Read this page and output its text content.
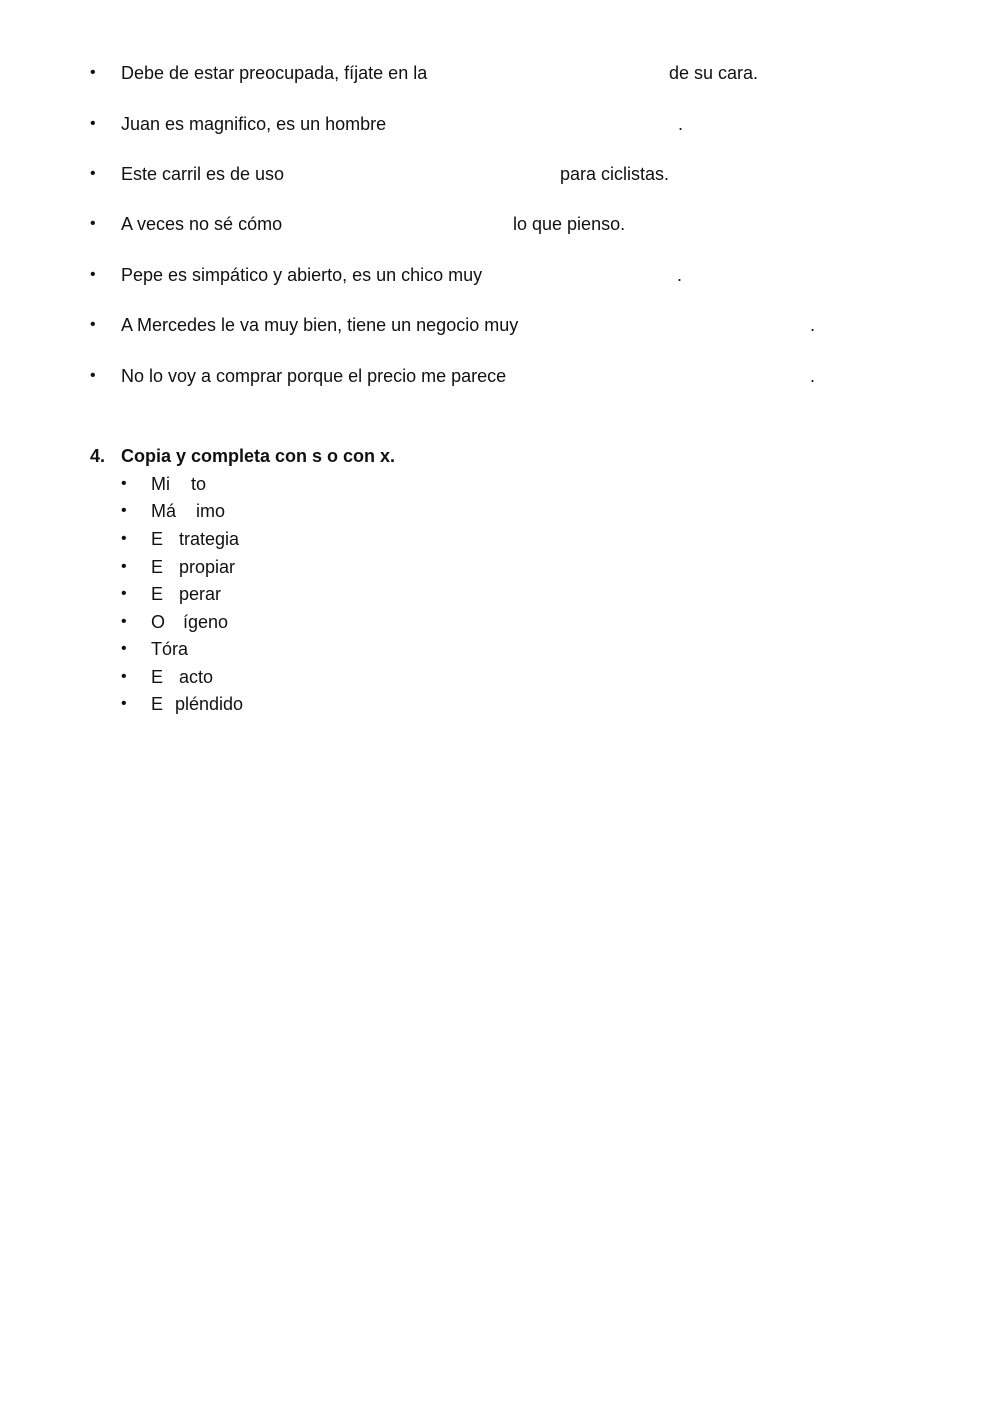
• Debe de estar preocupada, fíjate en la	de su cara.
• Juan es magnifico, es un hombre	.
• Este carril es de uso	para ciclistas.
• A veces no sé cómo	lo que pienso.
• Pepe es simpático y abierto, es un chico muy	.
• A Mercedes le va muy bien, tiene un negocio muy	.
• No lo voy a comprar porque el precio me parece	.
4. Copia y completa con s o con x.
• Mi to
• Má imo
• E trategia
• E propiar
• E perar
• O ígeno
• Tóra
• E acto
• E pléndido
